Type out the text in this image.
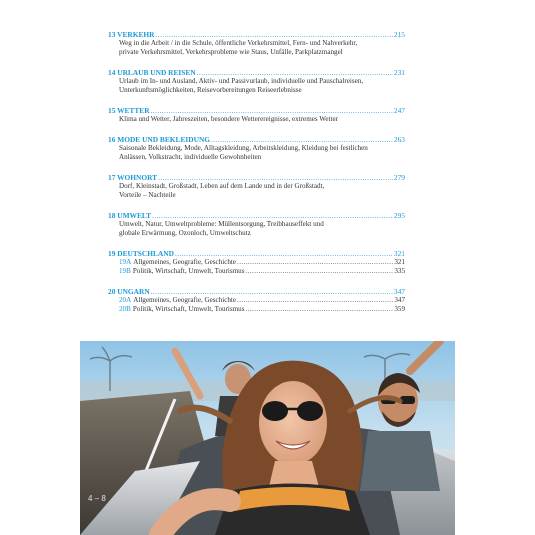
13 VERKEHR .....	215
Weg in die Arbeit / in die Schule, öffentliche Verkehrsmittel, Fern- und Nahverkehr,
private Verkehrsmittel, Verkehrsprobleme wie Staus, Unfälle, Parkplatzmangel
14 URLAUB UND REISEN .....	231
Urlaub im In- und Ausland, Aktiv- und Passivurlaub, individuelle und Pauschalreisen,
Unterkunftsmöglichkeiten, Reisevorbereitungen Reiseerlebnisse
15 WETTER .....	247
Klima und Wetter, Jahreszeiten, besondere Wetterereignisse, extremes Wetter
16 MODE UND BEKLEIDUNG .....	263
Saisonale Bekleidung, Mode, Alltagskleidung, Arbeitskleidung, Kleidung bei festlichen
Anlässen, Volkstracht, individuelle Gewohnheiten
17 WOHNORT .....	279
Dorf, Kleinstadt, Großstadt, Leben auf dem Lande und in der Großstadt,
Vorteile – Nachteile
18 UMWELT .....	295
Umwelt, Natur, Umweltprobleme: Müllentsorgung, Treibhauseffekt und
globale Erwärmung, Ozonloch, Umweltschutz
19 DEUTSCHLAND .....	321
19A Allgemeines, Geografie, Geschichte .....	321
19B Politik, Wirtschaft, Umwelt, Tourismus .....	335
20 UNGARN .....	347
20A Allgemeines, Geografie, Geschichte .....	347
20B Politik, Wirtschaft, Umwelt, Tourismus .....	359
4 – 8
